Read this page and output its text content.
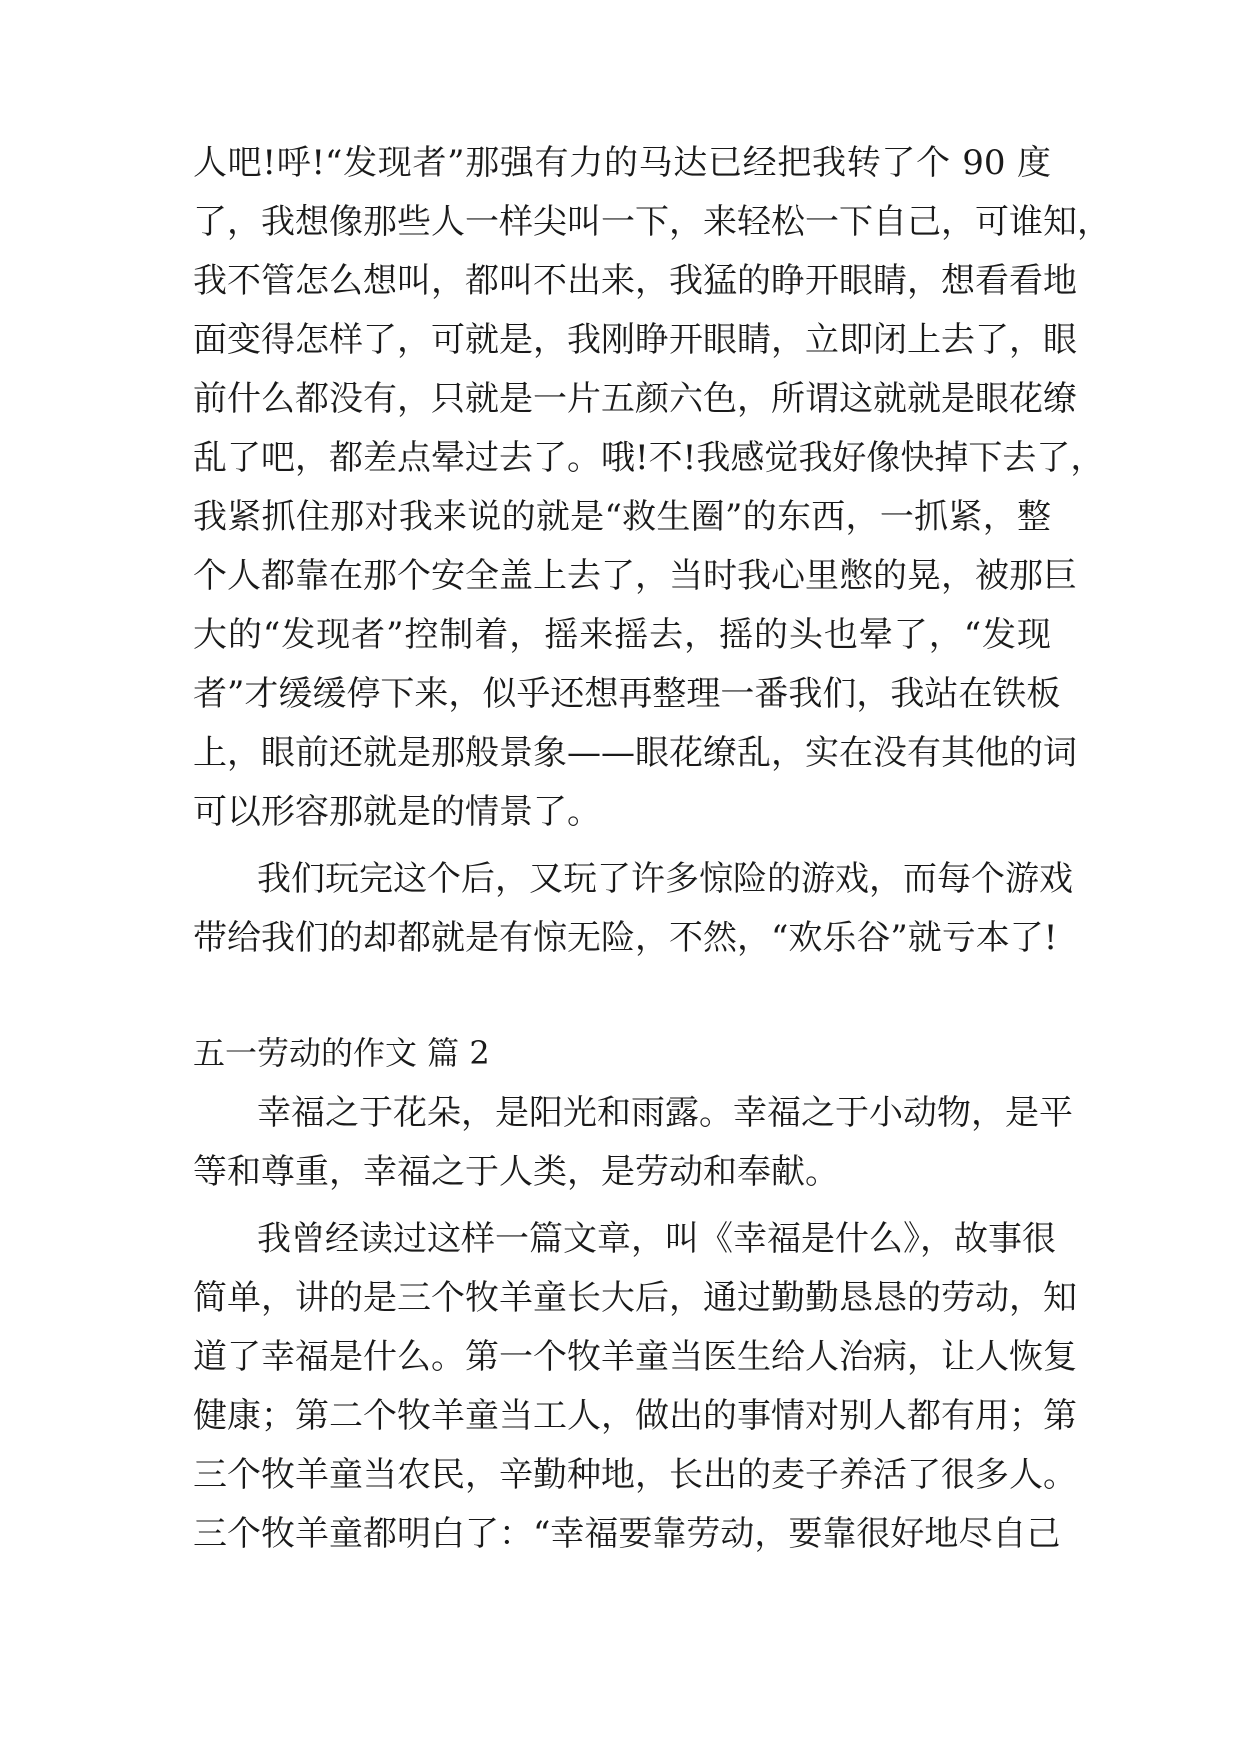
人吧!呼!“发现者”那强有力的马达已经把我转了个 90 度
了，我想像那些人一样尖叫一下，来轻松一下自己，可谁知，
我不管怎么想叫，都叫不出来，我猛的睁开眼睛，想看看地
面变得怎样了，可就是，我刚睁开眼睛，立即闭上去了，眼
前什么都没有，只就是一片五颜六色，所谓这就就是眼花缭
乱了吧，都差点晕过去了。哦!不!我感觉我好像快掉下去了，
我紧抓住那对我来说的就是“救生圈”的东西，一抓紧，整
个人都靠在那个安全盖上去了，当时我心里憋的晃，被那巨
大的“发现者”控制着，摇来摇去，摇的头也晕了，“发现
者”才缓缓停下来，似乎还想再整理一番我们，我站在铁板
上，眼前还就是那般景象——眼花缭乱，实在没有其他的词
可以形容那就是的情景了。
我们玩完这个后，又玩了许多惊险的游戏，而每个游戏
带给我们的却都就是有惊无险，不然，“欢乐谷”就亏本了!
五一劳动的作文 篇 2
幸福之于花朵，是阳光和雨露。幸福之于小动物，是平
等和尊重，幸福之于人类，是劳动和奉献。
我曾经读过这样一篇文章，叫《幸福是什么》，故事很
简单，讲的是三个牧羊童长大后，通过勤勤恳恳的劳动，知
道了幸福是什么。第一个牧羊童当医生给人治病，让人恢复
健康；第二个牧羊童当工人，做出的事情对别人都有用；第
三个牧羊童当农民，辛勤种地，长出的麦子养活了很多人。
三个牧羊童都明白了：“幸福要靠劳动，要靠很好地尽自己
